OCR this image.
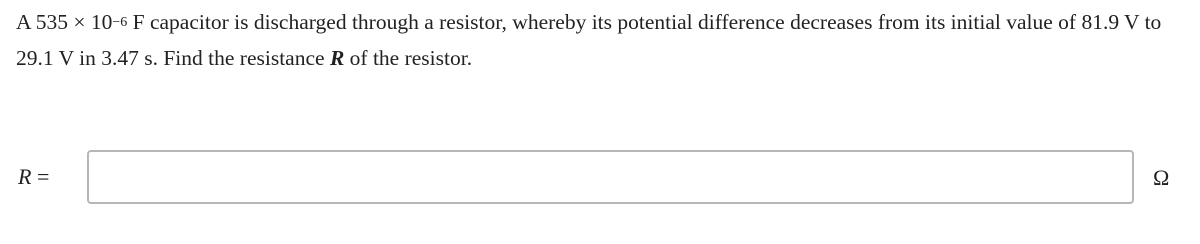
A $535 \times 10^{-6}$ F capacitor is discharged through a resistor, whereby its potential difference decreases from its initial value of 81.9 V to 29.1 V in 3.47 s. Find the resistance R of the resistor.
R =	Ω
